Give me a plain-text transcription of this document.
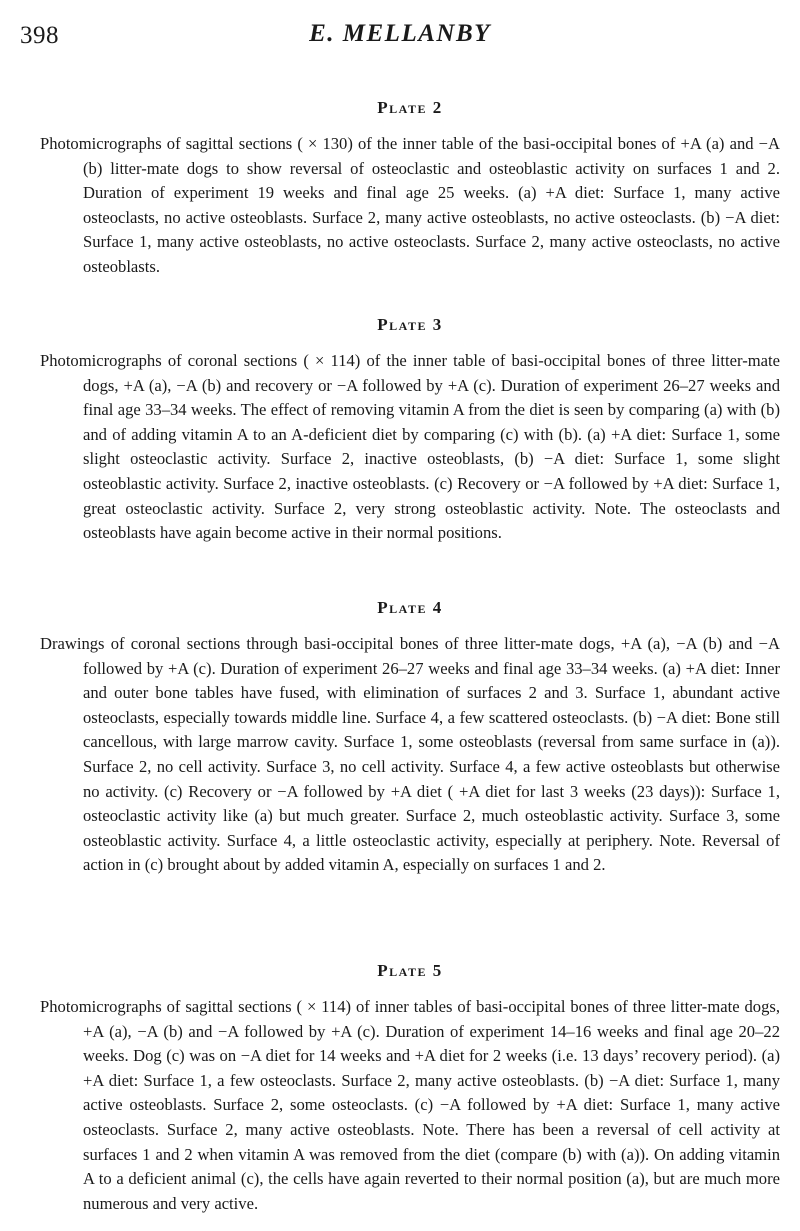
398	E. MELLANBY
Plate 2

Photomicrographs of sagittal sections ( × 130) of the inner table of the basi-occipital bones of +A (a) and −A (b) litter-mate dogs to show reversal of osteoclastic and osteoblastic activity on surfaces 1 and 2. Duration of experiment 19 weeks and final age 25 weeks. (a) +A diet: Surface 1, many active osteoclasts, no active osteoblasts. Surface 2, many active osteoblasts, no active osteoclasts. (b) −A diet: Surface 1, many active osteoblasts, no active osteoclasts. Surface 2, many active osteoclasts, no active osteoblasts.

Plate 3

Photomicrographs of coronal sections ( × 114) of the inner table of basi-occipital bones of three litter-mate dogs, +A (a), −A (b) and recovery or −A followed by +A (c). Duration of experiment 26–27 weeks and final age 33–34 weeks. The effect of removing vitamin A from the diet is seen by comparing (a) with (b) and of adding vitamin A to an A-deficient diet by comparing (c) with (b). (a) +A diet: Surface 1, some slight osteoclastic activity. Surface 2, inactive osteoblasts, (b) −A diet: Surface 1, some slight osteoblastic activity. Surface 2, inactive osteoblasts. (c) Recovery or −A followed by +A diet: Surface 1, great osteoclastic activity. Surface 2, very strong osteoblastic activity. Note. The osteoclasts and osteoblasts have again become active in their normal positions.

Plate 4

Drawings of coronal sections through basi-occipital bones of three litter-mate dogs, +A (a), −A (b) and −A followed by +A (c). Duration of experiment 26–27 weeks and final age 33–34 weeks. (a) +A diet: Inner and outer bone tables have fused, with elimination of surfaces 2 and 3. Surface 1, abundant active osteoclasts, especially towards middle line. Surface 4, a few scattered osteoclasts. (b) −A diet: Bone still cancellous, with large marrow cavity. Surface 1, some osteoblasts (reversal from same surface in (a)). Surface 2, no cell activity. Surface 3, no cell activity. Surface 4, a few active osteoblasts but otherwise no activity. (c) Recovery or −A followed by +A diet ( +A diet for last 3 weeks (23 days)): Surface 1, osteoclastic activity like (a) but much greater. Surface 2, much osteoblastic activity. Surface 3, some osteoblastic activity. Surface 4, a little osteoclastic activity, especially at periphery. Note. Reversal of action in (c) brought about by added vitamin A, especially on surfaces 1 and 2.

Plate 5

Photomicrographs of sagittal sections ( × 114) of inner tables of basi-occipital bones of three litter-mate dogs, +A (a), −A (b) and −A followed by +A (c). Duration of experiment 14–16 weeks and final age 20–22 weeks. Dog (c) was on −A diet for 14 weeks and +A diet for 2 weeks (i.e. 13 days’ recovery period). (a) +A diet: Surface 1, a few osteoclasts. Surface 2, many active osteoblasts. (b) −A diet: Surface 1, many active osteoblasts. Surface 2, some osteoclasts. (c) −A followed by +A diet: Surface 1, many active osteoclasts. Surface 2, many active osteoblasts. Note. There has been a reversal of cell activity at surfaces 1 and 2 when vitamin A was removed from the diet (compare (b) with (a)). On adding vitamin A to a deficient animal (c), the cells have again reverted to their normal position (a), but are much more numerous and very active.
